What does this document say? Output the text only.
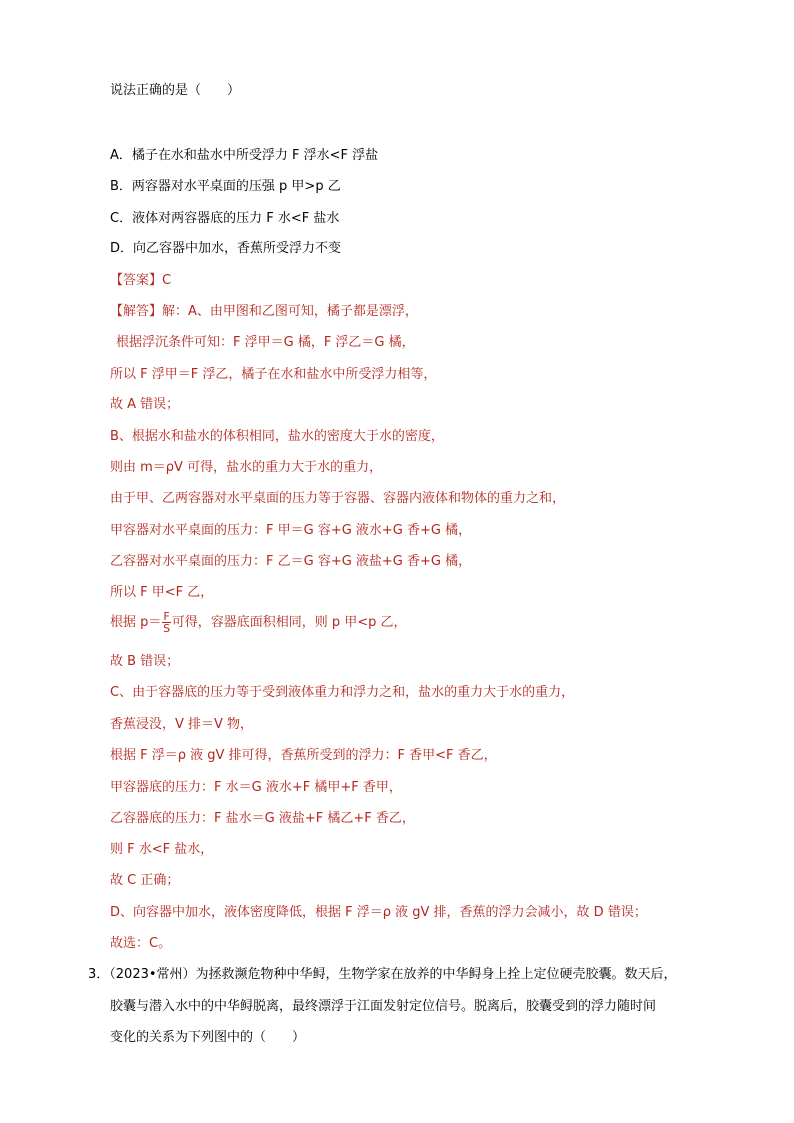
说法正确的是（　　）
A．橘子在水和盐水中所受浮力 F 浮水<F 浮盐
B．两容器对水平桌面的压强 p 甲>p 乙
C．液体对两容器底的压力 F 水<F 盐水
D．向乙容器中加水，香蕉所受浮力不变
【答案】C
【解答】解：A、由甲图和乙图可知，橘子都是漂浮，
根据浮沉条件可知：F 浮甲＝G 橘，F 浮乙＝G 橘，
所以 F 浮甲＝F 浮乙，橘子在水和盐水中所受浮力相等，
故 A 错误；
B、根据水和盐水的体积相同，盐水的密度大于水的密度，
则由 m＝ρV 可得，盐水的重力大于水的重力，
由于甲、乙两容器对水平桌面的压力等于容器、容器内液体和物体的重力之和，
甲容器对水平桌面的压力：F 甲＝G 容+G 液水+G 香+G 橘，
乙容器对水平桌面的压力：F 乙＝G 容+G 液盐+G 香+G 橘，
所以 F 甲<F 乙，
根据 $p= \frac{F}{S}$ 可得，容器底面积相同，则 p 甲<p 乙，
故 B 错误；
C、由于容器底的压力等于受到液体重力和浮力之和，盐水的重力大于水的重力，
香蕉浸没，V 排＝V 物，
根据 F 浮＝ρ 液 gV 排可得，香蕉所受到的浮力：F 香甲<F 香乙，
甲容器底的压力：F 水＝G 液水+F 橘甲+F 香甲，
乙容器底的压力：F 盐水＝G 液盐+F 橘乙+F 香乙，
则 F 水<F 盐水，
故 C 正确；
D、向容器中加水，液体密度降低，根据 F 浮＝ρ 液 gV 排，香蕉的浮力会减小，故 D 错误；
故选：C。
3．（2023•常州）为拯救濒危物种中华鲟，生物学家在放养的中华鲟身上拴上定位硬壳胶囊。数天后，
胶囊与潜入水中的中华鲟脱离，最终漂浮于江面发射定位信号。脱离后，胶囊受到的浮力随时间
变化的关系为下列图中的（　　）
